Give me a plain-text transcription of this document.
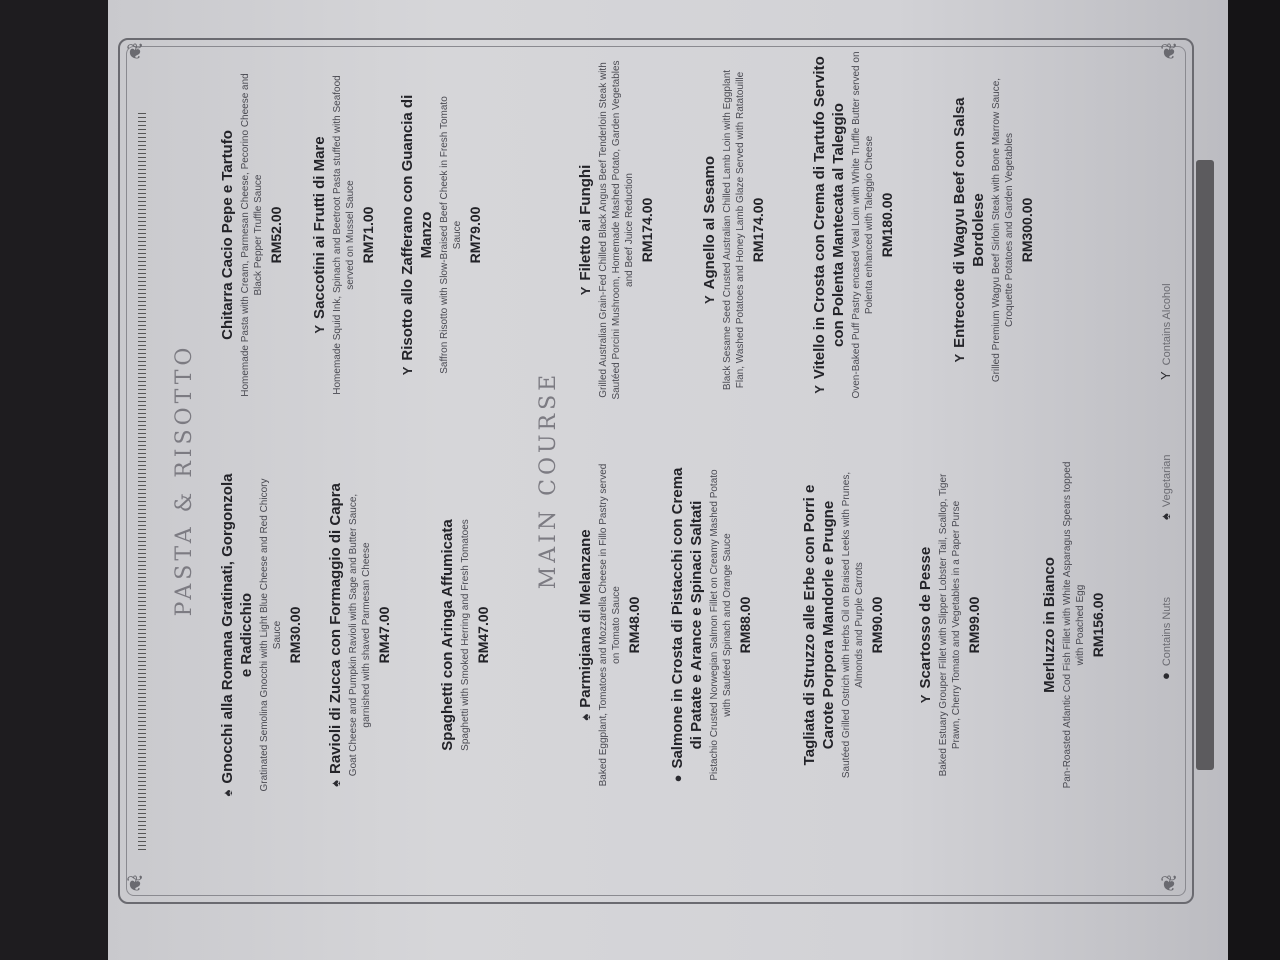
❦	❦
❦	❦
PASTA & RISOTTO
♠Gnocchi alla Romana Gratinati, Gorgonzola e Radicchio Gratinated Semolina Gnocchi with Light Blue Cheese and Red Chicory Sauce RM30.00
♠Ravioli di Zucca con Formaggio di Capra Goat Cheese and Pumpkin Ravioli with Sage and Butter Sauce, garnished with shaved Parmesan Cheese RM47.00	Spaghetti con Aringa Affumicata Spaghetti with Smoked Herring and Fresh Tomatoes RM47.00
Chitarra Cacio Pepe e Tartufo Homemade Pasta with Cream, Parmesan Cheese, Pecorino Cheese and Black Pepper Truffle Sauce RM52.00
YSaccotini ai Frutti di Mare Homemade Squid Ink, Spinach and Beetroot Pasta stuffed with Seafood served on Mussel Sauce RM71.00
YRisotto allo Zafferano con Guancia di Manzo Saffron Risotto with Slow-Braised Beef Cheek in Fresh Tomato Sauce RM79.00
MAIN COURSE
♠Parmigiana di Melanzane Baked Eggplant, Tomatoes and Mozzarella Cheese in Fillo Pastry served on Tomato Sauce RM48.00
●Salmone in Crosta di Pistacchi con Crema di Patate e Arance e Spinaci Saltati Pistachio Crusted Norwegian Salmon Fillet on Creamy Mashed Potato with Sautéed Spinach and Orange Sauce RM88.00	Tagliata di Struzzo alle Erbe con Porri e Carote Porpora Mandorle e Prugne Sautéed Grilled Ostrich with Herbs Oil on Braised Leeks with Prunes, Almonds and Purple Carrots RM90.00
YScartosso de Pesse Baked Estuary Grouper Fillet with Slipper Lobster Tail, Scallop, Tiger Prawn, Cherry Tomato and Vegetables in a Paper Purse RM99.00	Merluzzo in Bianco Pan-Roasted Atlantic Cod Fish Fillet with White Asparagus Spears topped with Poached Egg RM156.00
YFiletto ai Funghi Grilled Australian Grain-Fed Chilled Black Angus Beef Tenderloin Steak with Sautéed Porcini Mushroom, Homemade Mashed Potato, Garden Vegetables and Beef Juice Reduction RM174.00
YAgnello al Sesamo Black Sesame Seed Crusted Australian Chilled Lamb Loin with Eggplant Flan, Washed Potatoes and Honey Lamb Glaze Served with Ratatouille RM174.00
YVitello in Crosta con Crema di Tartufo Servito con Polenta Mantecata al Taleggio Oven-Baked Puff Pastry encased Veal Loin with White Truffle Butter served on Polenta enhanced with Taleggio Cheese RM180.00
YEntrecote di Wagyu Beef con Salsa Bordolese Grilled Premium Wagyu Beef Sirloin Steak with Bone Marrow Sauce, Croquette Potatoes and Garden Vegetables RM300.00
●Contains Nuts
♠Vegetarian
YContains Alcohol
